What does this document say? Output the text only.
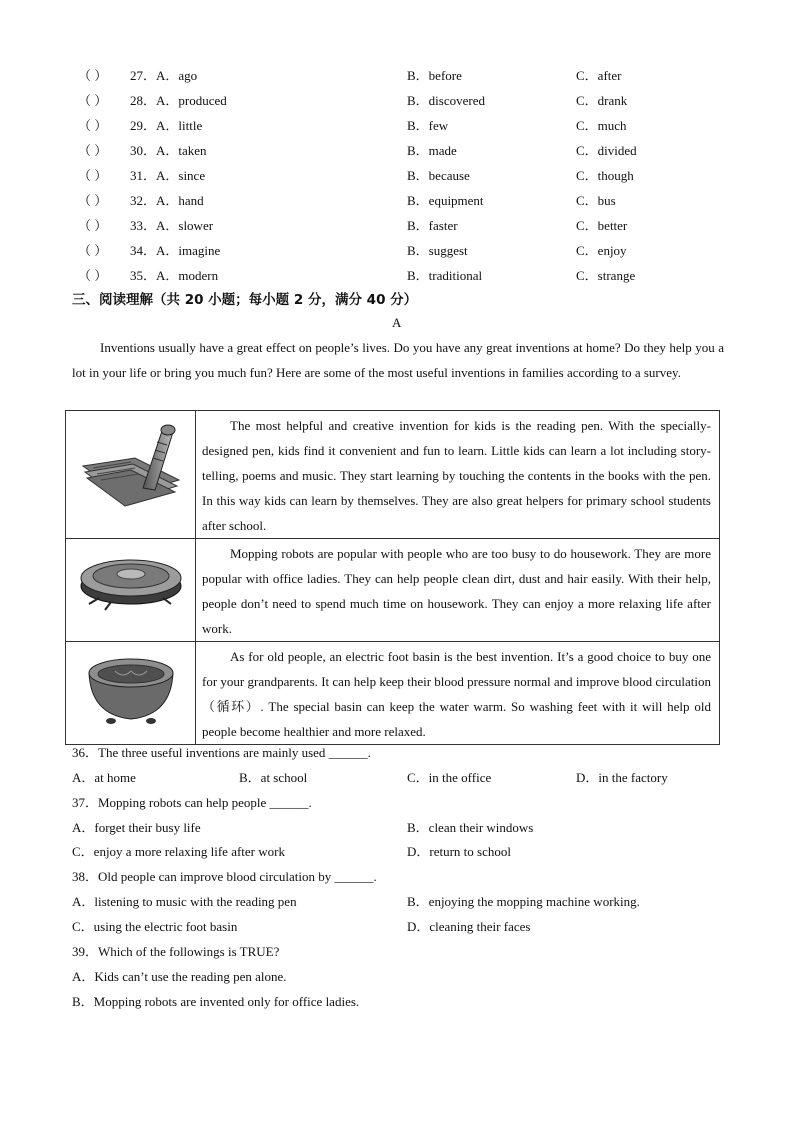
（ ） 27． A．ago	B．before	C．after
（ ） 28． A．produced	B．discovered	C．drank
（ ） 29． A．little	B．few	C．much
（ ） 30． A．taken	B．made	C．divided
（ ） 31． A．since	B．because	C．though
（ ） 32． A．hand	B．equipment	C．bus
（ ） 33． A．slower	B．faster	C．better
（ ） 34． A．imagine	B．suggest	C．enjoy
（ ） 35． A．modern	B．traditional	C．strange
三、阅读理解（共 20 小题；每小题 2 分，满分 40 分）
A
Inventions usually have a great effect on people’s lives. Do you have any great inventions at home? Do they help you a lot in your life or bring you much fun? Here are some of the most useful inventions in families according to a survey.
	The most helpful and creative invention for kids is the reading pen. With the specially- designed pen, kids find it convenient and fun to learn. Little kids can learn a lot including story-telling, poems and music. They start learning by touching the contents in the books with the pen. In this way kids can learn by themselves. They are also great helpers for primary school students after school.

	Mopping robots are popular with people who are too busy to do housework. They are more popular with office ladies. They can help people clean dirt, dust and hair easily. With their help, people don’t need to spend much time on housework. They can enjoy a more relaxing life after work.

	As for old people, an electric foot basin is the best invention. It’s a good choice to buy one for your grandparents. It can help keep their blood pressure normal and improve blood circulation （循环）. The special basin can keep the water warm. So washing feet with it will help old people become healthier and more relaxed.
36．The three useful inventions are mainly used ______.
A．at home	B．at school	C．in the office	D．in the factory
37．Mopping robots can help people ______.
A．forget their busy life	B．clean their windows
C．enjoy a more relaxing life after work	D．return to school
38．Old people can improve blood circulation by ______.
A．listening to music with the reading pen	B．enjoying the mopping machine working.
C．using the electric foot basin	D．cleaning their faces
39．Which of the followings is TRUE?
A．Kids can’t use the reading pen alone.
B．Mopping robots are invented only for office ladies.
